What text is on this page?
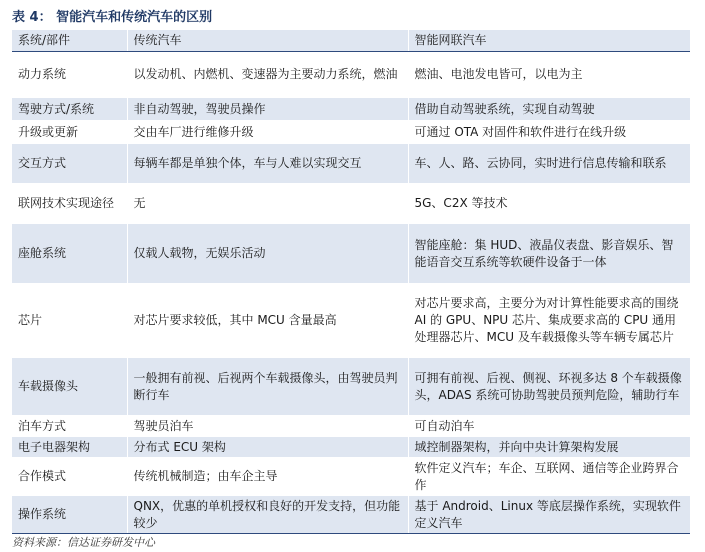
表 4： 智能汽车和传统汽车的区别
系统/部件	传统汽车	智能网联汽车
动力系统	以发动机、内燃机、变速器为主要动力系统，燃油	燃油、电池发电皆可，以电为主
驾驶方式/系统	非自动驾驶，驾驶员操作	借助自动驾驶系统，实现自动驾驶
升级或更新	交由车厂进行维修升级	可通过 OTA 对固件和软件进行在线升级
交互方式	每辆车都是单独个体，车与人难以实现交互	车、人、路、云协同，实时进行信息传输和联系
联网技术实现途径	无	5G、C2X 等技术
座舱系统	仅载人载物，无娱乐活动	智能座舱：集 HUD、液晶仪表盘、影音娱乐、智能语音交互系统等软硬件设备于一体
芯片	对芯片要求较低，其中 MCU 含量最高	对芯片要求高，主要分为对计算性能要求高的围绕 AI 的 GPU、NPU 芯片、集成要求高的 CPU 通用处理器芯片、MCU 及车载摄像头等车辆专属芯片
车载摄像头	一般拥有前视、后视两个车载摄像头，由驾驶员判断行车	可拥有前视、后视、侧视、环视多达 8 个车载摄像头，ADAS 系统可协助驾驶员预判危险，辅助行车
泊车方式	驾驶员泊车	可自动泊车
电子电器架构	分布式 ECU 架构	域控制器架构，并向中央计算架构发展
合作模式	传统机械制造；由车企主导	软件定义汽车；车企、互联网、通信等企业跨界合作
操作系统	QNX，优惠的单机授权和良好的开发支持，但功能较少	基于 Android、Linux 等底层操作系统，实现软件定义汽车
资料来源：信达证券研发中心
